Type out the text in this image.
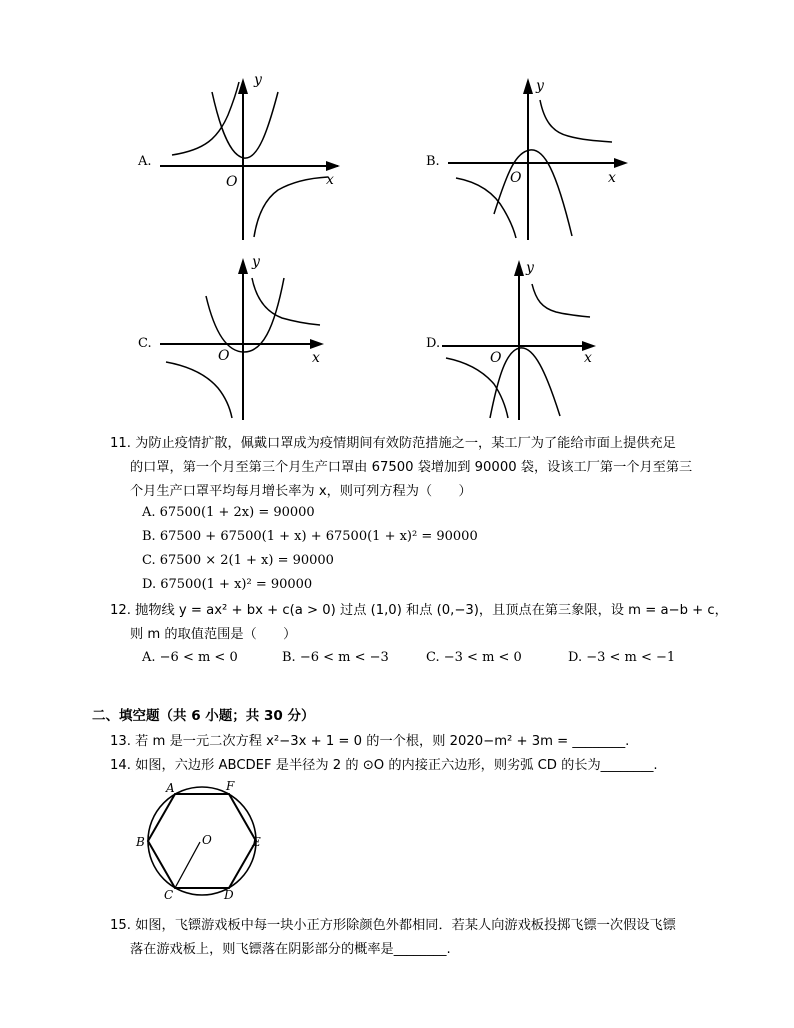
A.
y
x
O
B.
y
x
O
C.
y
x
O
D.
y
x
O
11. 为防止疫情扩散，佩戴口罩成为疫情期间有效防范措施之一，某工厂为了能给市面上提供充足
的口罩，第一个月至第三个月生产口罩由 67500 袋增加到 90000 袋，设该工厂第一个月至第三
个月生产口罩平均每月增长率为 x，则可列方程为（　　）
A. 67500(1 + 2x) = 90000
B. 67500 + 67500(1 + x) + 67500(1 + x)² = 90000
C. 67500 × 2(1 + x) = 90000
D. 67500(1 + x)² = 90000
12. 抛物线 y = ax² + bx + c(a > 0) 过点 (1,0) 和点 (0,−3)，且顶点在第三象限，设 m = a−b + c，
则 m 的取值范围是（　　）
A. −6 < m < 0	B. −6 < m < −3	C. −3 < m < 0	D. −3 < m < −1
二、填空题（共 6 小题；共 30 分）
13. 若 m 是一元二次方程 x²−3x + 1 = 0 的一个根，则 2020−m² + 3m = ________.
14. 如图，六边形 ABCDEF 是半径为 2 的 ⊙O 的内接正六边形，则劣弧 CD 的长为________.
A	F
B	E
C	D
O
15. 如图，飞镖游戏板中每一块小正方形除颜色外都相同．若某人向游戏板投掷飞镖一次假设飞镖
落在游戏板上，则飞镖落在阴影部分的概率是________.
